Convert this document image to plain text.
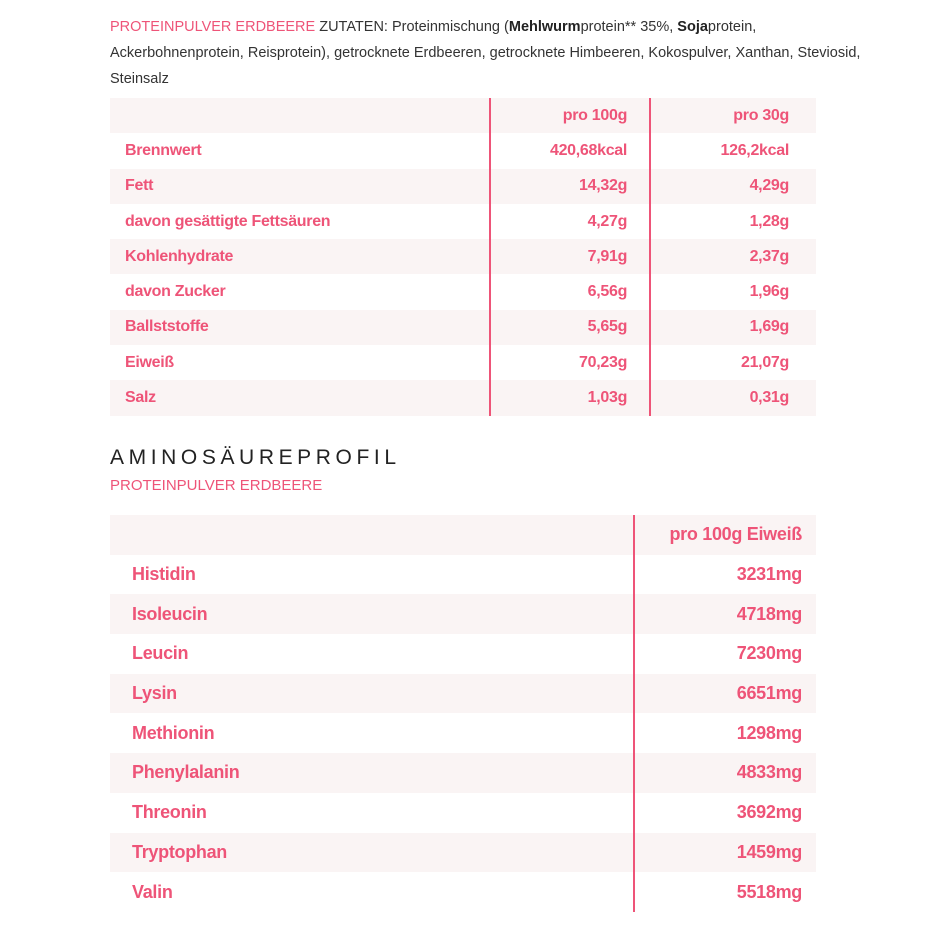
PROTEINPULVER ERDBEERE ZUTATEN: Proteinmischung (Mehlwurmprotein** 35%, Sojaprotein, Ackerbohnenprotein, Reisprotein), getrocknete Erdbeeren, getrocknete Himbeeren, Kokospulver, Xanthan, Steviosid, Steinsalz
	pro 100g	pro 30g
Brennwert	420,68kcal	126,2kcal
Fett	14,32g	4,29g
davon gesättigte Fettsäuren	4,27g	1,28g
Kohlenhydrate	7,91g	2,37g
davon Zucker	6,56g	1,96g
Ballststoffe	5,65g	1,69g
Eiweiß	70,23g	21,07g
Salz	1,03g	0,31g
AMINOSÄUREPROFIL
PROTEINPULVER ERDBEERE
	pro 100g Eiweiß
Histidin	3231mg
Isoleucin	4718mg
Leucin	7230mg
Lysin	6651mg
Methionin	1298mg
Phenylalanin	4833mg
Threonin	3692mg
Tryptophan	1459mg
Valin	5518mg
